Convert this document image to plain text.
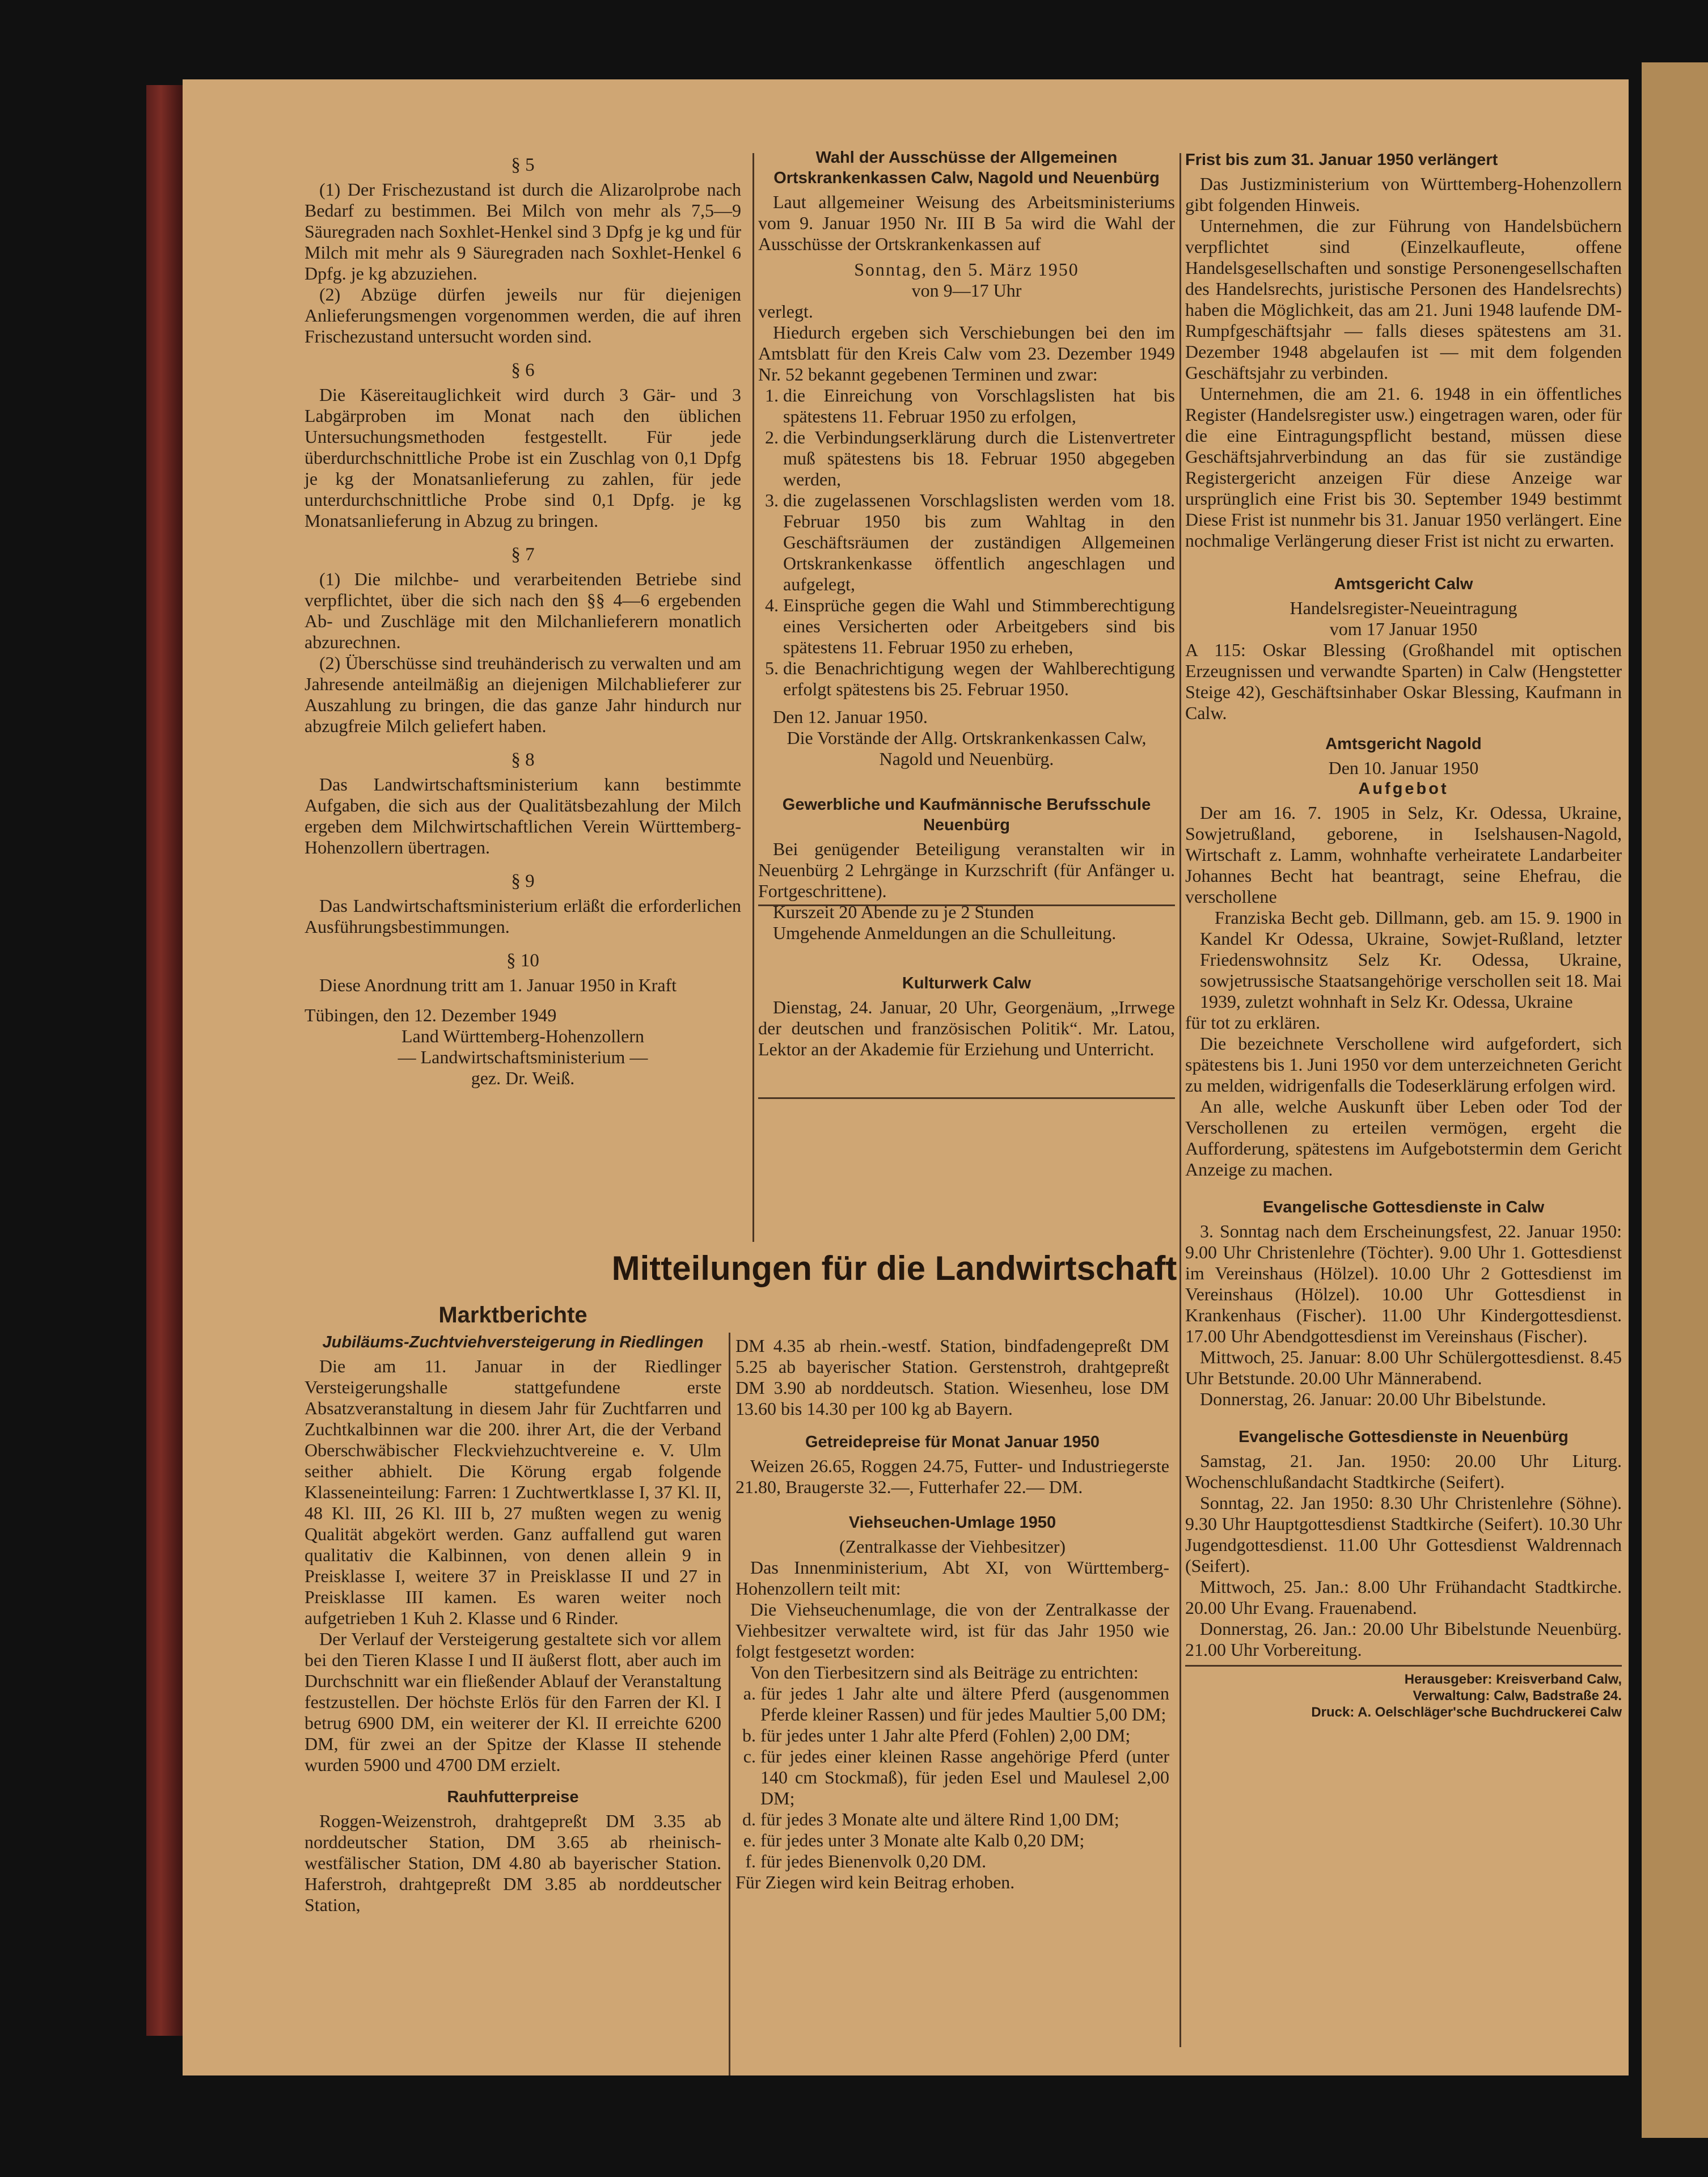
§ 5

(1) Der Frischezustand ist durch die Alizarolprobe nach Bedarf zu bestimmen. Bei Milch von mehr als 7,5—9 Säuregraden nach Soxhlet-Henkel sind 3 Dpfg je kg und für Milch mit mehr als 9 Säuregraden nach Soxhlet-Henkel 6 Dpfg. je kg abzuziehen.

(2) Abzüge dürfen jeweils nur für diejenigen Anlieferungsmengen vorgenommen werden, die auf ihren Frischezustand untersucht worden sind.

§ 6

Die Käsereitauglichkeit wird durch 3 Gär- und 3 Labgärproben im Monat nach den üblichen Untersuchungsmethoden festgestellt. Für jede überdurchschnittliche Probe ist ein Zuschlag von 0,1 Dpfg je kg der Monatsanlieferung zu zahlen, für jede unterdurchschnittliche Probe sind 0,1 Dpfg. je kg Monatsanlieferung in Abzug zu bringen.

§ 7

(1) Die milchbe- und verarbeitenden Betriebe sind verpflichtet, über die sich nach den §§ 4—6 ergebenden Ab- und Zuschläge mit den Milchanlieferern monatlich abzurechnen.

(2) Überschüsse sind treuhänderisch zu verwalten und am Jahresende anteilmäßig an diejenigen Milchablieferer zur Auszahlung zu bringen, die das ganze Jahr hindurch nur abzugfreie Milch geliefert haben.

§ 8

Das Landwirtschaftsministerium kann bestimmte Aufgaben, die sich aus der Qualitätsbezahlung der Milch ergeben dem Milchwirtschaftlichen Verein Württemberg-Hohenzollern übertragen.

§ 9

Das Landwirtschaftsministerium erläßt die erforderlichen Ausführungsbestimmungen.

§ 10

Diese Anordnung tritt am 1. Januar 1950 in Kraft

Tübingen, den 12. Dezember 1949

Land Württemberg-Hohenzollern

— Landwirtschaftsministerium —

gez. Dr. Weiß.

Wahl der Ausschüsse der Allgemeinen Ortskrankenkassen Calw, Nagold und Neuenbürg

Laut allgemeiner Weisung des Arbeitsministeriums vom 9. Januar 1950 Nr. III B 5a wird die Wahl der Ausschüsse der Ortskrankenkassen auf

Sonntag, den 5. März 1950

von 9—17 Uhr

verlegt.

Hiedurch ergeben sich Verschiebungen bei den im Amtsblatt für den Kreis Calw vom 23. Dezember 1949 Nr. 52 bekannt gegebenen Terminen und zwar:

1. die Einreichung von Vorschlagslisten hat bis spätestens 11. Februar 1950 zu erfolgen,
2. die Verbindungserklärung durch die Listenvertreter muß spätestens bis 18. Februar 1950 abgegeben werden,
3. die zugelassenen Vorschlagslisten werden vom 18. Februar 1950 bis zum Wahltag in den Geschäftsräumen der zuständigen Allgemeinen Ortskrankenkasse öffentlich angeschlagen und aufgelegt,
4. Einsprüche gegen die Wahl und Stimmberechtigung eines Versicherten oder Arbeitgebers sind bis spätestens 11. Februar 1950 zu erheben,
5. die Benachrichtigung wegen der Wahlberechtigung erfolgt spätestens bis 25. Februar 1950.

Den 12. Januar 1950.

Die Vorstände der Allg. Ortskrankenkassen Calw, Nagold und Neuenbürg.

Gewerbliche und Kaufmännische Berufsschule Neuenbürg

Bei genügender Beteiligung veranstalten wir in Neuenbürg 2 Lehrgänge in Kurzschrift (für Anfänger u. Fortgeschrittene).

Kurszeit 20 Abende zu je 2 Stunden

Umgehende Anmeldungen an die Schulleitung.

Kulturwerk Calw

Dienstag, 24. Januar, 20 Uhr, Georgenäum, „Irrwege der deutschen und französischen Politik“. Mr. Latou, Lektor an der Akademie für Erziehung und Unterricht.

Frist bis zum 31. Januar 1950 verlängert

Das Justizministerium von Württemberg-Hohenzollern gibt folgenden Hinweis.

Unternehmen, die zur Führung von Handelsbüchern verpflichtet sind (Einzelkaufleute, offene Handelsgesellschaften und sonstige Personengesellschaften des Handelsrechts, juristische Personen des Handelsrechts) haben die Möglichkeit, das am 21. Juni 1948 laufende DM-Rumpfgeschäftsjahr — falls dieses spätestens am 31. Dezember 1948 abgelaufen ist — mit dem folgenden Geschäftsjahr zu verbinden.

Unternehmen, die am 21. 6. 1948 in ein öffentliches Register (Handelsregister usw.) eingetragen waren, oder für die eine Eintragungspflicht bestand, müssen diese Geschäftsjahrverbindung an das für sie zuständige Registergericht anzeigen Für diese Anzeige war ursprünglich eine Frist bis 30. September 1949 bestimmt Diese Frist ist nunmehr bis 31. Januar 1950 verlängert. Eine nochmalige Verlängerung dieser Frist ist nicht zu erwarten.

Amtsgericht Calw

Handelsregister-Neueintragung

vom 17 Januar 1950

A 115: Oskar Blessing (Großhandel mit optischen Erzeugnissen und verwandte Sparten) in Calw (Hengstetter Steige 42), Geschäftsinhaber Oskar Blessing, Kaufmann in Calw.

Amtsgericht Nagold

Den 10. Januar 1950

Aufgebot

Der am 16. 7. 1905 in Selz, Kr. Odessa, Ukraine, Sowjetrußland, geborene, in Iselshausen-Nagold, Wirtschaft z. Lamm, wohnhafte verheiratete Landarbeiter Johannes Becht hat beantragt, seine Ehefrau, die verschollene

Franziska Becht geb. Dillmann, geb. am 15. 9. 1900 in Kandel Kr Odessa, Ukraine, Sowjet-Rußland, letzter Friedenswohnsitz Selz Kr. Odessa, Ukraine, sowjetrussische Staatsangehörige verschollen seit 18. Mai 1939, zuletzt wohnhaft in Selz Kr. Odessa, Ukraine

für tot zu erklären.

Die bezeichnete Verschollene wird aufgefordert, sich spätestens bis 1. Juni 1950 vor dem unterzeichneten Gericht zu melden, widrigenfalls die Todeserklärung erfolgen wird.

An alle, welche Auskunft über Leben oder Tod der Verschollenen zu erteilen vermögen, ergeht die Aufforderung, spätestens im Aufgebotstermin dem Gericht Anzeige zu machen.

Evangelische Gottesdienste in Calw

3. Sonntag nach dem Erscheinungsfest, 22. Januar 1950: 9.00 Uhr Christenlehre (Töchter). 9.00 Uhr 1. Gottesdienst im Vereinshaus (Hölzel). 10.00 Uhr 2 Gottesdienst im Vereinshaus (Hölzel). 10.00 Uhr Gottesdienst in Krankenhaus (Fischer). 11.00 Uhr Kindergottesdienst. 17.00 Uhr Abendgottesdienst im Vereinshaus (Fischer).

Mittwoch, 25. Januar: 8.00 Uhr Schülergottesdienst. 8.45 Uhr Betstunde. 20.00 Uhr Männerabend.

Donnerstag, 26. Januar: 20.00 Uhr Bibelstunde.

Evangelische Gottesdienste in Neuenbürg

Samstag, 21. Jan. 1950: 20.00 Uhr Liturg. Wochenschlußandacht Stadtkirche (Seifert).

Sonntag, 22. Jan 1950: 8.30 Uhr Christenlehre (Söhne). 9.30 Uhr Hauptgottesdienst Stadtkirche (Seifert). 10.30 Uhr Jugendgottesdienst. 11.00 Uhr Gottesdienst Waldrennach (Seifert).

Mittwoch, 25. Jan.: 8.00 Uhr Frühandacht Stadtkirche. 20.00 Uhr Evang. Frauenabend.

Donnerstag, 26. Jan.: 20.00 Uhr Bibelstunde Neuenbürg. 21.00 Uhr Vorbereitung.

Herausgeber: Kreisverband Calw,

Verwaltung: Calw, Badstraße 24.

Druck: A. Oelschläger'sche Buchdruckerei Calw

Mitteilungen für die Landwirtschaft

Marktberichte

Jubiläums-Zuchtviehversteigerung in Riedlingen

Die am 11. Januar in der Riedlinger Versteigerungshalle stattgefundene erste Absatzveranstaltung in diesem Jahr für Zuchtfarren und Zuchtkalbinnen war die 200. ihrer Art, die der Verband Oberschwäbischer Fleckviehzuchtvereine e. V. Ulm seither abhielt. Die Körung ergab folgende Klasseneinteilung: Farren: 1 Zuchtwertklasse I, 37 Kl. II, 48 Kl. III, 26 Kl. III b, 27 mußten wegen zu wenig Qualität abgekört werden. Ganz auffallend gut waren qualitativ die Kalbinnen, von denen allein 9 in Preisklasse I, weitere 37 in Preisklasse II und 27 in Preisklasse III kamen. Es waren weiter noch aufgetrieben 1 Kuh 2. Klasse und 6 Rinder.

Der Verlauf der Versteigerung gestaltete sich vor allem bei den Tieren Klasse I und II äußerst flott, aber auch im Durchschnitt war ein fließender Ablauf der Veranstaltung festzustellen. Der höchste Erlös für den Farren der Kl. I betrug 6900 DM, ein weiterer der Kl. II erreichte 6200 DM, für zwei an der Spitze der Klasse II stehende wurden 5900 und 4700 DM erzielt.

Rauhfutterpreise

Roggen-Weizenstroh, drahtgepreßt DM 3.35 ab norddeutscher Station, DM 3.65 ab rheinisch-westfälischer Station, DM 4.80 ab bayerischer Station. Haferstroh, drahtgepreßt DM 3.85 ab norddeutscher Station,

DM 4.35 ab rhein.-westf. Station, bindfadengepreßt DM 5.25 ab bayerischer Station. Gerstenstroh, drahtgepreßt DM 3.90 ab norddeutsch. Station. Wiesenheu, lose DM 13.60 bis 14.30 per 100 kg ab Bayern.

Getreidepreise für Monat Januar 1950

Weizen 26.65, Roggen 24.75, Futter- und Industriegerste 21.80, Braugerste 32.—, Futterhafer 22.— DM.

Viehseuchen-Umlage 1950

(Zentralkasse der Viehbesitzer)

Das Innenministerium, Abt XI, von Württemberg-Hohenzollern teilt mit:

Die Viehseuchenumlage, die von der Zentralkasse der Viehbesitzer verwaltete wird, ist für das Jahr 1950 wie folgt festgesetzt worden:

Von den Tierbesitzern sind als Beiträge zu entrichten:

a. für jedes 1 Jahr alte und ältere Pferd (ausgenommen Pferde kleiner Rassen) und für jedes Maultier 5,00 DM;
b. für jedes unter 1 Jahr alte Pferd (Fohlen) 2,00 DM;
c. für jedes einer kleinen Rasse angehörige Pferd (unter 140 cm Stockmaß), für jeden Esel und Maulesel 2,00 DM;
d. für jedes 3 Monate alte und ältere Rind 1,00 DM;
e. für jedes unter 3 Monate alte Kalb 0,20 DM;
f. für jedes Bienenvolk 0,20 DM.

Für Ziegen wird kein Beitrag erhoben.
